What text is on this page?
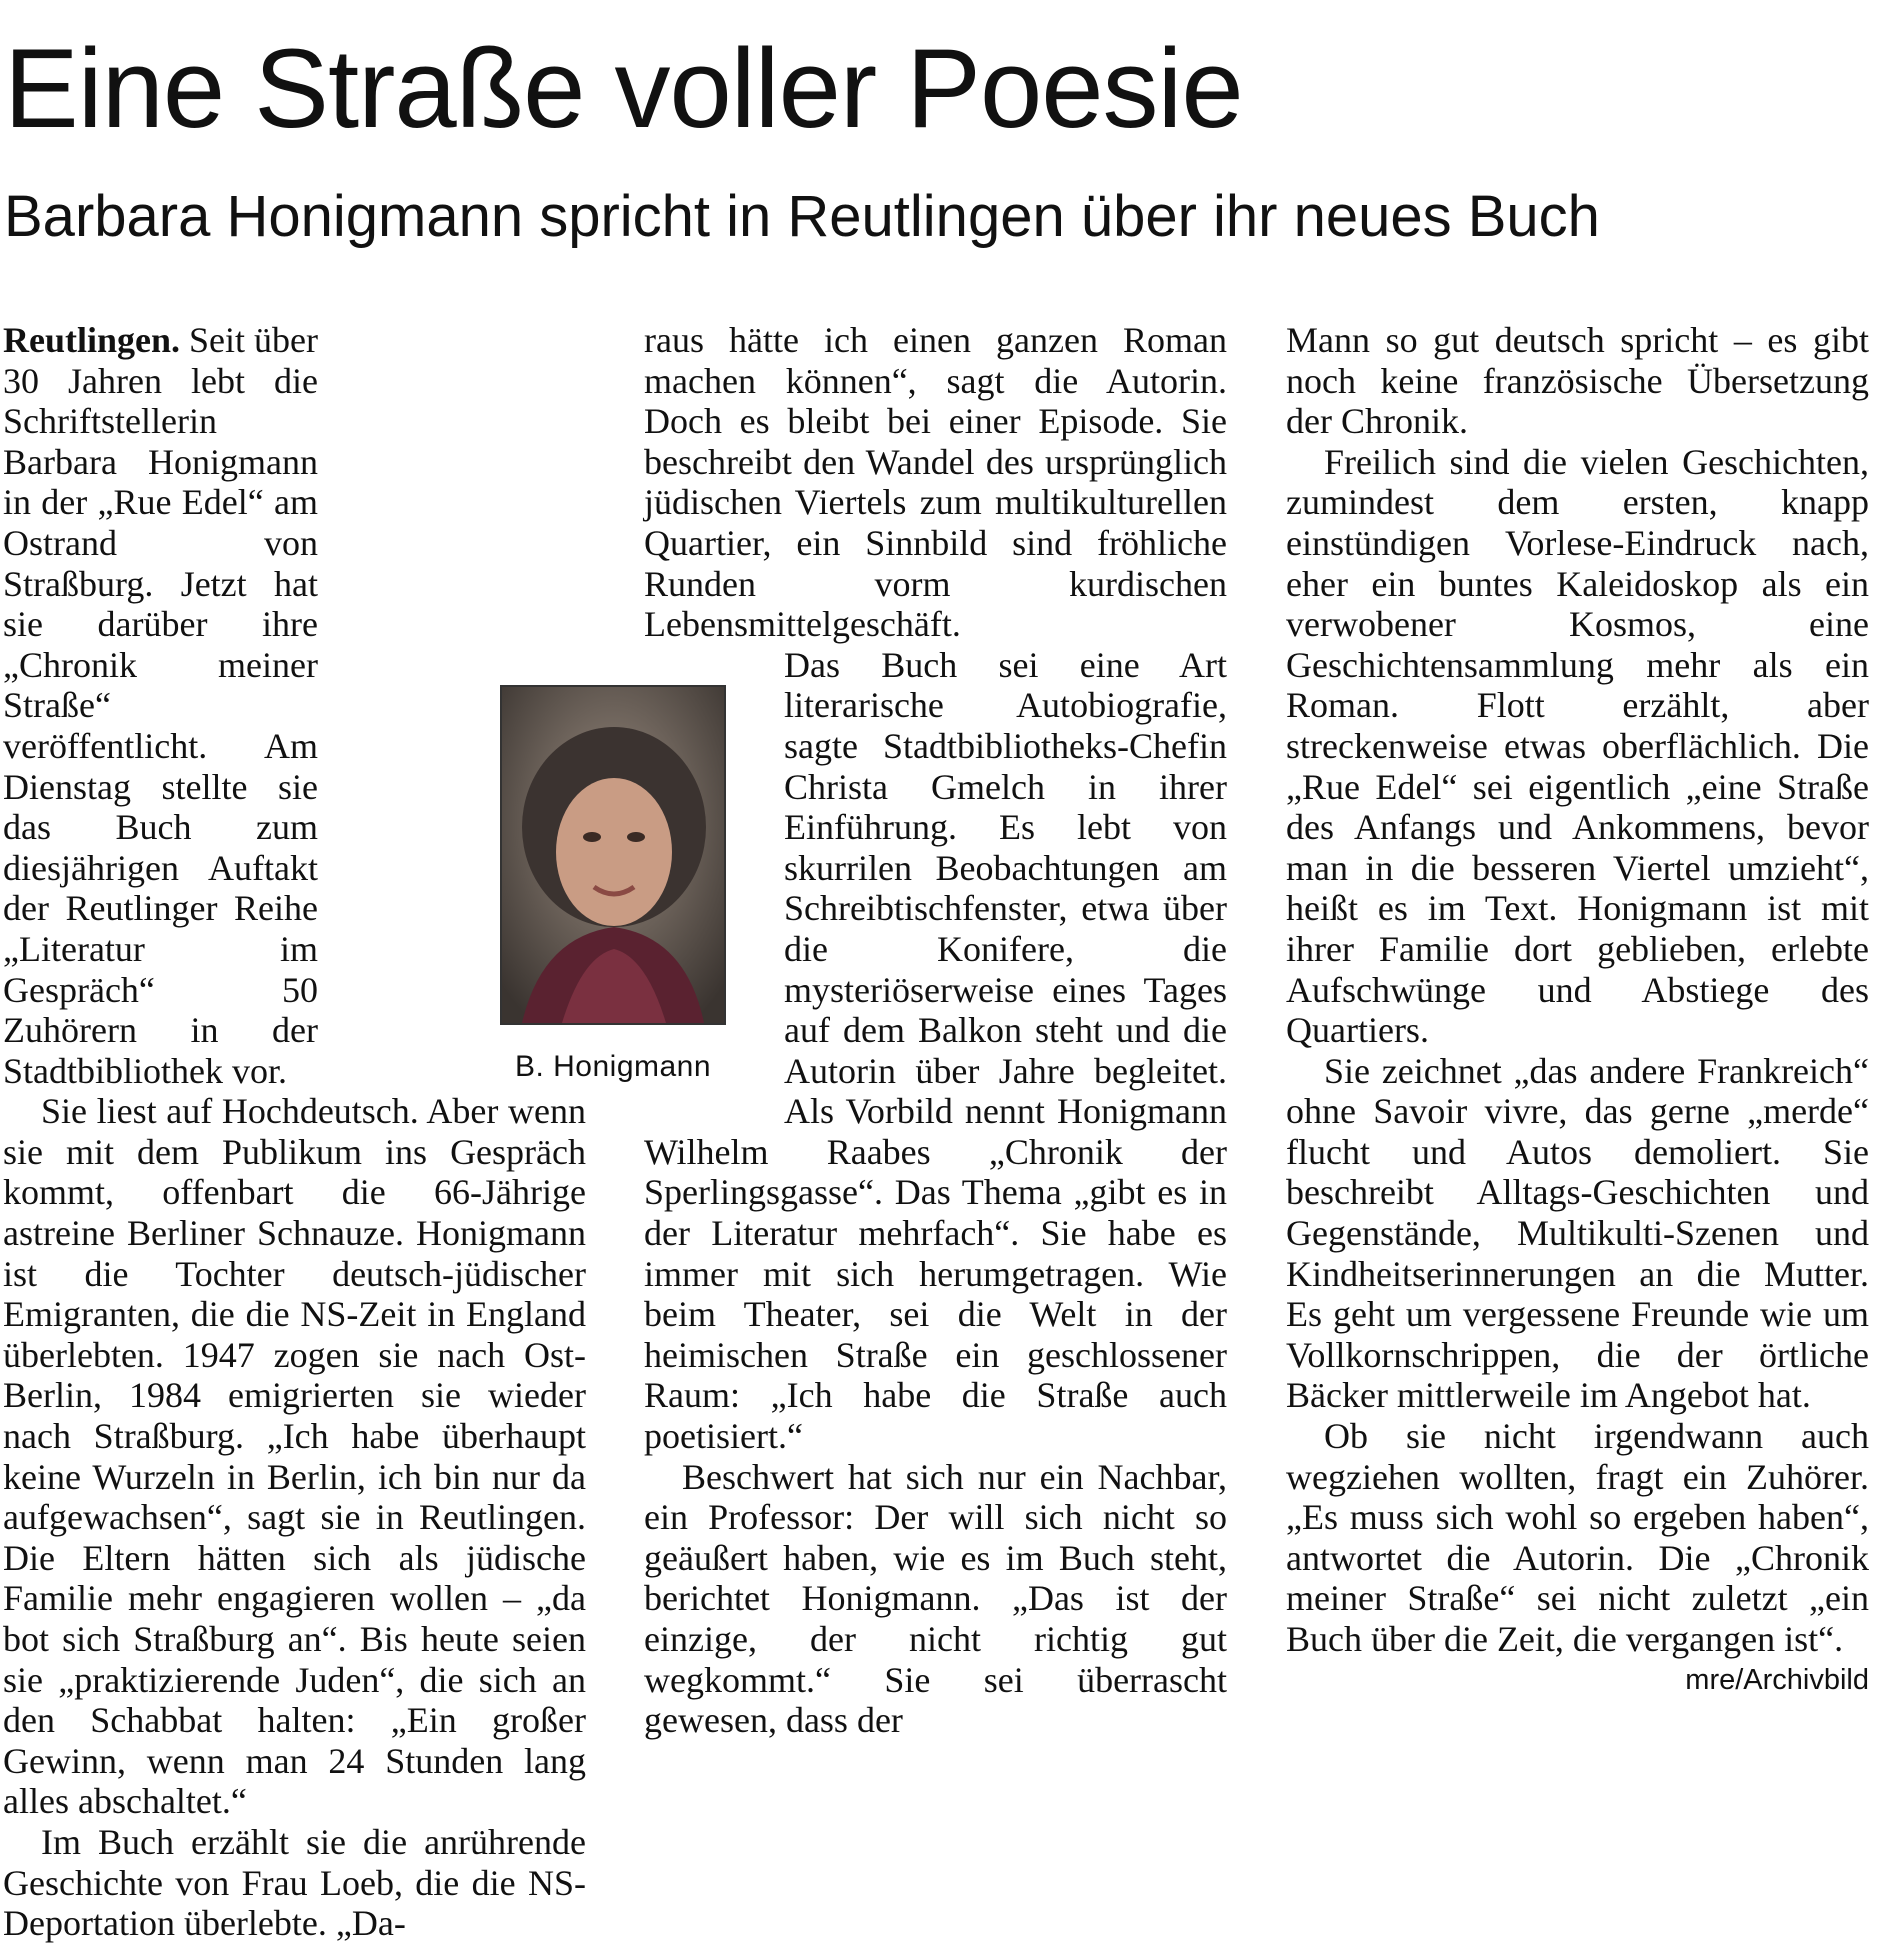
Eine Straße voller Poesie
Barbara Honigmann spricht in Reutlingen über ihr neues Buch

Reutlingen. Seit über 30 Jahren lebt die Schriftstellerin Barbara Honigmann in der „Rue Edel“ am Ostrand von Straßburg. Jetzt hat sie darüber ihre „Chronik meiner Straße“ veröffentlicht. Am Dienstag stellte sie das Buch zum diesjährigen Auftakt der Reutlinger Reihe „Literatur im Gespräch“ 50 Zuhörern in der Stadtbibliothek vor.

Sie liest auf Hochdeutsch. Aber wenn sie mit dem Publikum ins Gespräch kommt, offenbart die 66-Jährige astreine Berliner Schnauze. Honigmann ist die Tochter deutsch-jüdischer Emigranten, die die NS-Zeit in England überlebten. 1947 zogen sie nach Ost-Berlin, 1984 emigrierten sie wieder nach Straßburg. „Ich habe überhaupt keine Wurzeln in Berlin, ich bin nur da aufgewachsen“, sagt sie in Reutlingen. Die Eltern hätten sich als jüdische Familie mehr engagieren wollen – „da bot sich Straßburg an“. Bis heute seien sie „praktizierende Juden“, die sich an den Schabbat halten: „Ein großer Gewinn, wenn man 24 Stunden lang alles abschaltet.“

Im Buch erzählt sie die anrührende Geschichte von Frau Loeb, die die NS-Deportation überlebte. „Da-

raus hätte ich einen ganzen Roman machen können“, sagt die Autorin. Doch es bleibt bei einer Episode. Sie beschreibt den Wandel des ursprünglich jüdischen Viertels zum multikulturellen Quartier, ein Sinnbild sind fröhliche Runden vorm kurdischen Lebensmittelgeschäft.

Das Buch sei eine Art literarische Autobiografie, sagte Stadtbibliotheks-Chefin Christa Gmelch in ihrer Einführung. Es lebt von skurrilen Beobachtungen am Schreibtischfenster, etwa über die Konifere, die mysteriöserweise eines Tages auf dem Balkon steht und die Autorin über Jahre begleitet. Als Vorbild nennt Honigmann Wilhelm Raabes „Chronik der Sperlingsgasse“. Das Thema „gibt es in der Literatur mehrfach“. Sie habe es immer mit sich herumgetragen. Wie beim Theater, sei die Welt in der heimischen Straße ein geschlossener Raum: „Ich habe die Straße auch poetisiert.“

Beschwert hat sich nur ein Nachbar, ein Professor: Der will sich nicht so geäußert haben, wie es im Buch steht, berichtet Honigmann. „Das ist der einzige, der nicht richtig gut wegkommt.“ Sie sei überrascht gewesen, dass der

Mann so gut deutsch spricht – es gibt noch keine französische Übersetzung der Chronik.

Freilich sind die vielen Geschichten, zumindest dem ersten, knapp einstündigen Vorlese-Eindruck nach, eher ein buntes Kaleidoskop als ein verwobener Kosmos, eine Geschichtensammlung mehr als ein Roman. Flott erzählt, aber streckenweise etwas oberflächlich. Die „Rue Edel“ sei eigentlich „eine Straße des Anfangs und Ankommens, bevor man in die besseren Viertel umzieht“, heißt es im Text. Honigmann ist mit ihrer Familie dort geblieben, erlebte Aufschwünge und Abstiege des Quartiers.

Sie zeichnet „das andere Frankreich“ ohne Savoir vivre, das gerne „merde“ flucht und Autos demoliert. Sie beschreibt Alltags-Geschichten und Gegenstände, Multikulti-Szenen und Kindheitserinnerungen an die Mutter. Es geht um vergessene Freunde wie um Vollkornschrippen, die der örtliche Bäcker mittlerweile im Angebot hat.

Ob sie nicht irgendwann auch wegziehen wollten, fragt ein Zuhörer. „Es muss sich wohl so ergeben haben“, antwortet die Autorin. Die „Chronik meiner Straße“ sei nicht zuletzt „ein Buch über die Zeit, die vergangen ist“.
mre/Archivbild

B. Honigmann
